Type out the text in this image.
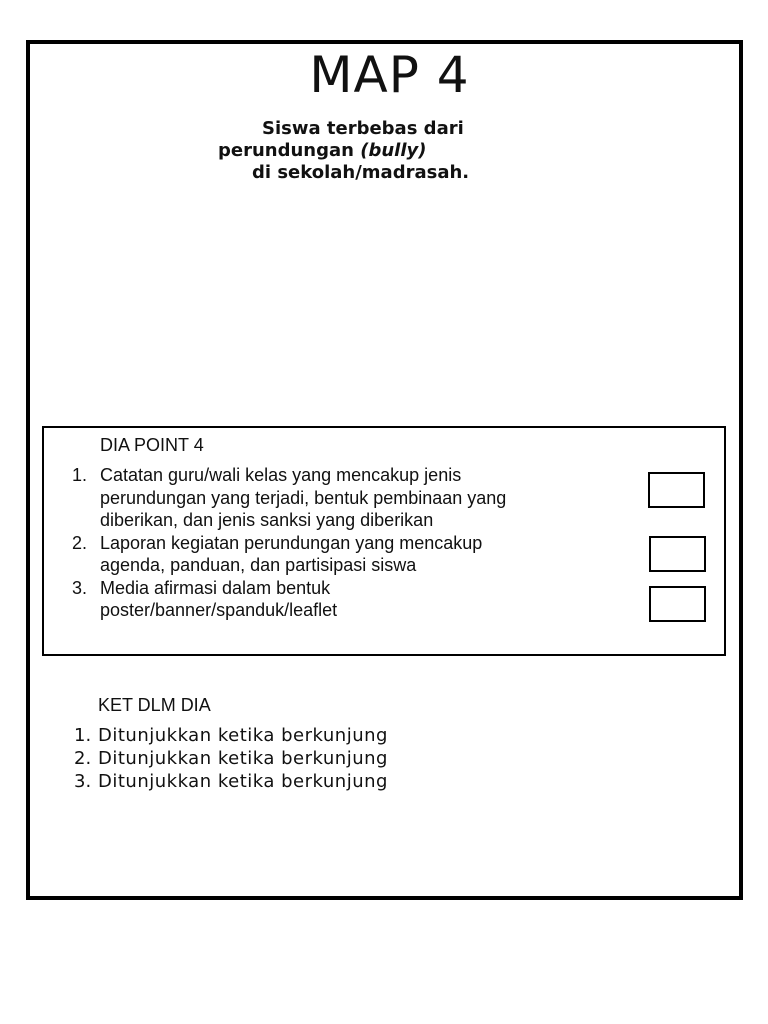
MAP 4
Siswa terbebas dari
perundungan (bully)
di sekolah/madrasah.
DIA POINT 4
1. Catatan guru/wali kelas yang mencakup jenis
perundungan yang terjadi, bentuk pembinaan yang
diberikan, dan jenis sanksi yang diberikan
2. Laporan kegiatan perundungan yang mencakup
agenda, panduan, dan partisipasi siswa
3. Media afirmasi dalam bentuk
poster/banner/spanduk/leaflet
KET DLM DIA
1. Ditunjukkan ketika berkunjung
2. Ditunjukkan ketika berkunjung
3. Ditunjukkan ketika berkunjung
